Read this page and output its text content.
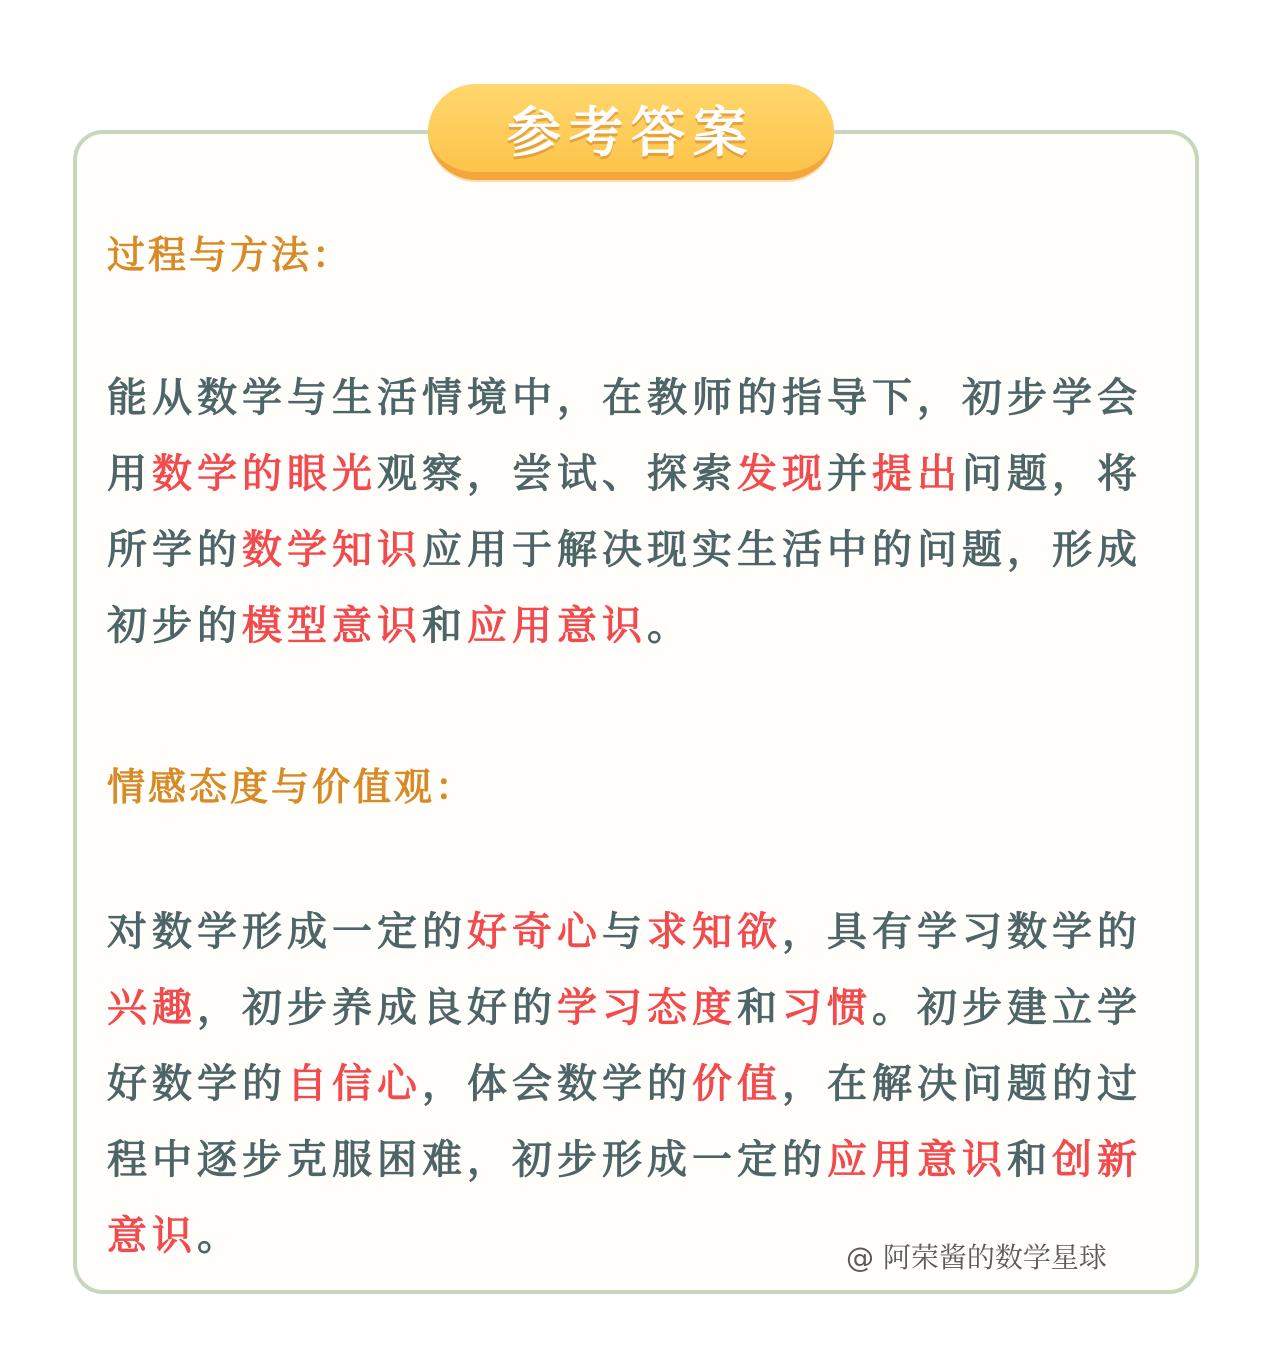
参考答案
过程与方法：
能从数学与生活情境中，在教师的指导下，初步学会用数学的眼光观察，尝试、探索发现并提出问题，将所学的数学知识应用于解决现实生活中的问题，形成初步的模型意识和应用意识。
情感态度与价值观：
对数学形成一定的好奇心与求知欲，具有学习数学的兴趣，初步养成良好的学习态度和习惯。初步建立学好数学的自信心，体会数学的价值，在解决问题的过程中逐步克服困难，初步形成一定的应用意识和创新意识。	@ 阿荣酱的数学星球
